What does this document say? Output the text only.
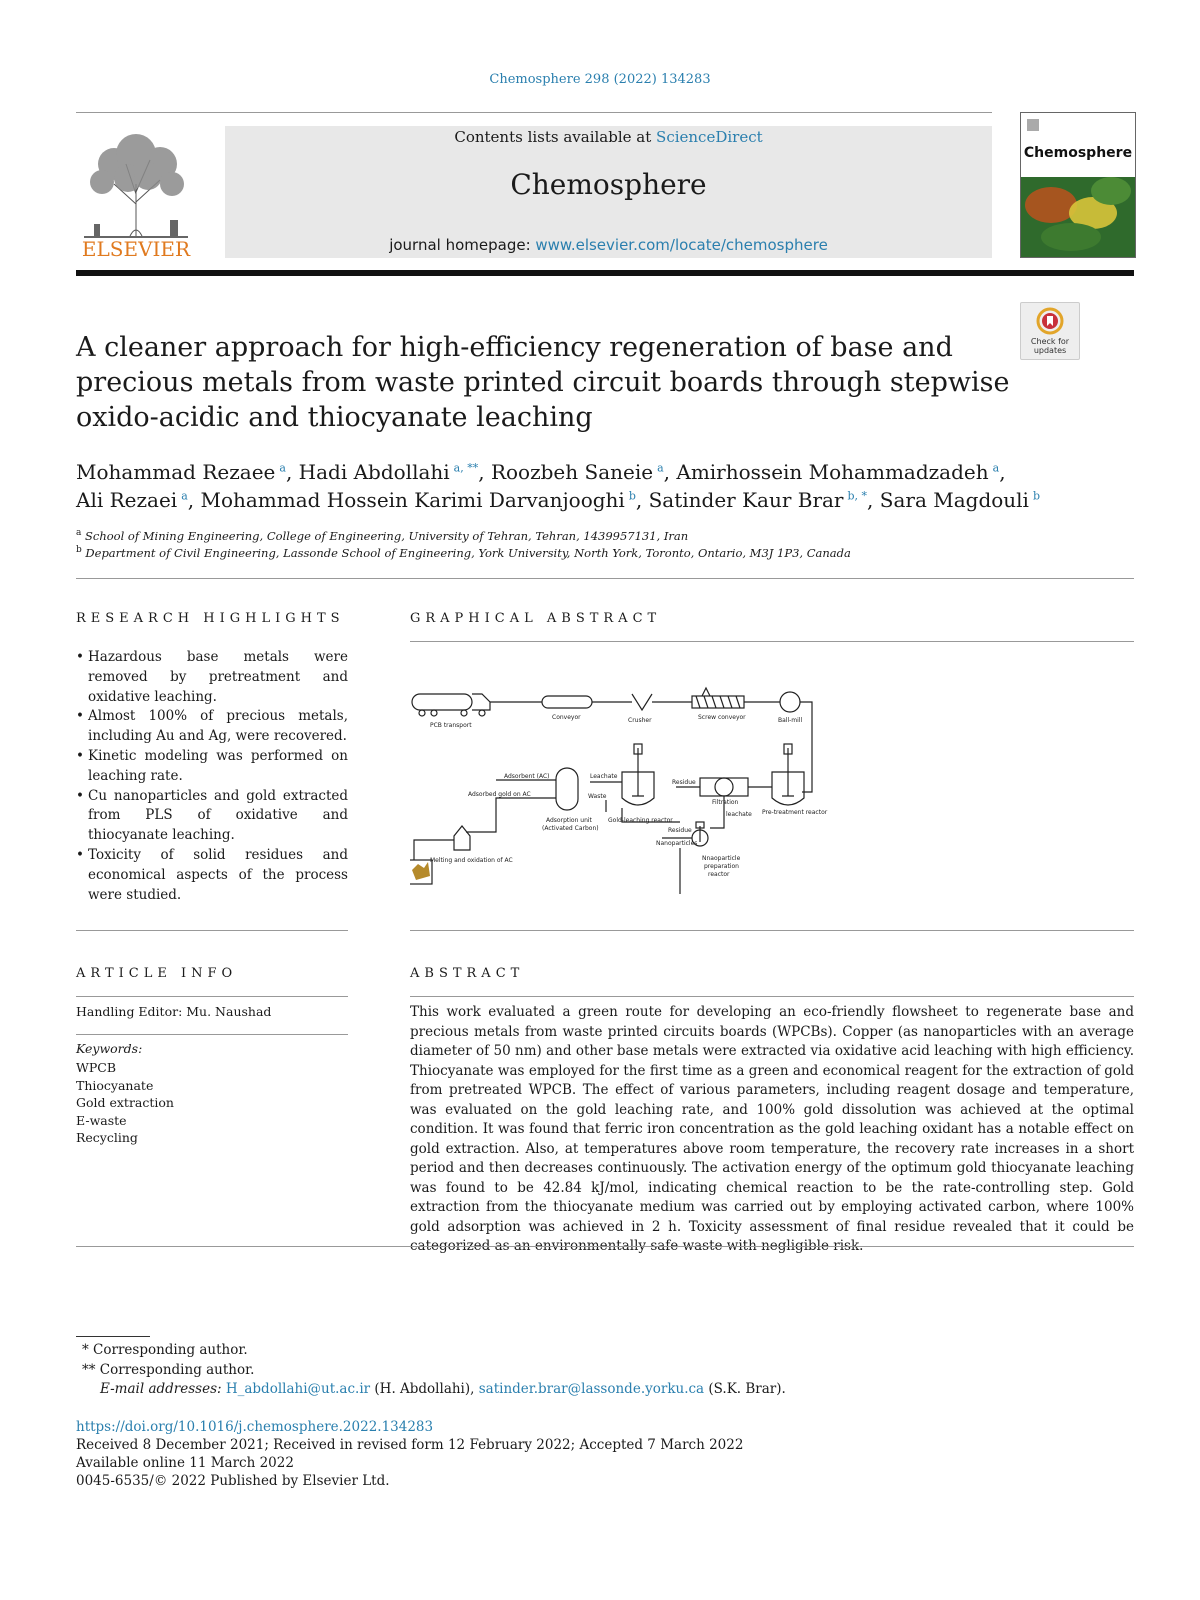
Chemosphere 298 (2022) 134283
ELSEVIER
Contents lists available at ScienceDirect
Chemosphere
journal homepage: www.elsevier.com/locate/chemosphere
Chemosphere
Check for updates
A cleaner approach for high-efficiency regeneration of base and precious metals from waste printed circuit boards through stepwise oxido-acidic and thiocyanate leaching
Mohammad Rezaee  $^a$, Hadi Abdollahi  $^{a, **}$, Roozbeh Saneie  $^a$, Amirhossein Mohammadzadeh  $^a$,
Ali Rezaei  $^a$, Mohammad Hossein Karimi Darvanjooghi  $^b$, Satinder Kaur Brar  $^{b, *}$, Sara Magdouli  $^b$
$^a$ School of Mining Engineering, College of Engineering, University of Tehran, Tehran, 1439957131, Iran
$^b$ Department of Civil Engineering, Lassonde School of Engineering, York University, North York, Toronto, Ontario, M3J 1P3, Canada
RESEARCH HIGHLIGHTS	GRAPHICAL ABSTRACT
• Hazardous base metals were removed by pretreatment and oxidative leaching.
• Almost 100% of precious metals, including Au and Ag, were recovered.
• Kinetic modeling was performed on leaching rate.
• Cu nanoparticles and gold extracted from PLS of oxidative and thiocyanate leaching.
• Toxicity of solid residues and economical aspects of the process were studied.
PCB transport
Conveyor	Crusher	Screw conveyor	Ball-mill
Adsorbent (AC)	Leachate
Residue
Adsorbed gold on AC	Waste
Adsorption unit
(Activated Carbon)
Gold-leaching reactor
Filtration
leachate Pre-treatment reactor
Residue
Nanoparticles
Melting and oxidation of AC	Nnaoparticle
preparation
reactor
ARTICLE INFO	ABSTRACT
Handling Editor: Mu. Naushad
Keywords:
WPCB
Thiocyanate
Gold extraction
E-waste
Recycling

This work evaluated a green route for developing an eco-friendly flowsheet to regenerate base and precious metals from waste printed circuits boards (WPCBs). Copper (as nanoparticles with an average diameter of 50 nm) and other base metals were extracted via oxidative acid leaching with high efficiency. Thiocyanate was employed for the first time as a green and economical reagent for the extraction of gold from pretreated WPCB. The effect of various parameters, including reagent dosage and temperature, was evaluated on the gold leaching rate, and 100% gold dissolution was achieved at the optimal condition. It was found that ferric iron concentration as the gold leaching oxidant has a notable effect on gold extraction. Also, at temperatures above room temperature, the recovery rate increases in a short period and then decreases continuously. The activation energy of the optimum gold thiocyanate leaching was found to be 42.84 kJ/mol, indicating chemical reaction to be the rate-controlling step. Gold extraction from the thiocyanate medium was carried out by employing activated carbon, where 100% gold adsorption was achieved in 2 h. Toxicity assessment of final residue revealed that it could be categorized as an environmentally safe waste with negligible risk.

* Corresponding author.
** Corresponding author.
E-mail addresses: H_abdollahi@ut.ac.ir (H. Abdollahi), satinder.brar@lassonde.yorku.ca (S.K. Brar).
https://doi.org/10.1016/j.chemosphere.2022.134283
Received 8 December 2021; Received in revised form 12 February 2022; Accepted 7 March 2022
Available online 11 March 2022
0045-6535/© 2022 Published by Elsevier Ltd.
